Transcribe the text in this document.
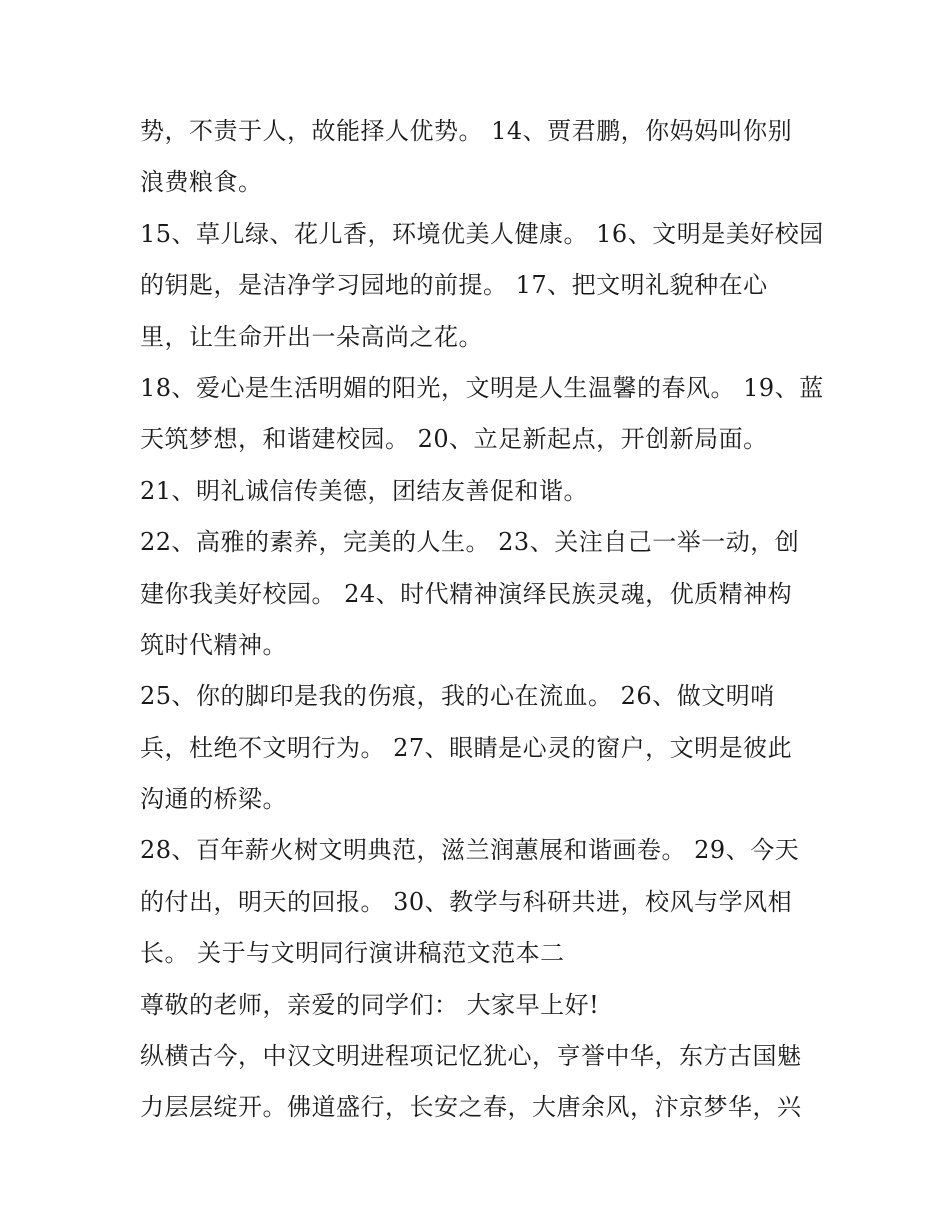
势，不责于人，故能择人优势。 14、贾君鹏，你妈妈叫你别
浪费粮食。
15、草儿绿、花儿香，环境优美人健康。 16、文明是美好校园
的钥匙，是洁净学习园地的前提。 17、把文明礼貌种在心
里，让生命开出一朵高尚之花。
18、爱心是生活明媚的阳光，文明是人生温馨的春风。 19、蓝
天筑梦想，和谐建校园。 20、立足新起点，开创新局面。
21、明礼诚信传美德，团结友善促和谐。
22、高雅的素养，完美的人生。 23、关注自己一举一动，创
建你我美好校园。 24、时代精神演绎民族灵魂，优质精神构
筑时代精神。
25、你的脚印是我的伤痕，我的心在流血。 26、做文明哨
兵，杜绝不文明行为。 27、眼睛是心灵的窗户，文明是彼此
沟通的桥梁。
28、百年薪火树文明典范，滋兰润蕙展和谐画卷。 29、今天
的付出，明天的回报。 30、教学与科研共进，校风与学风相
长。 关于与文明同行演讲稿范文范本二
尊敬的老师，亲爱的同学们： 大家早上好!
纵横古今，中汉文明进程项记忆犹心，亨誉中华，东方古国魅
力层层绽开。佛道盛行，长安之春，大唐余风，汴京梦华，兴
